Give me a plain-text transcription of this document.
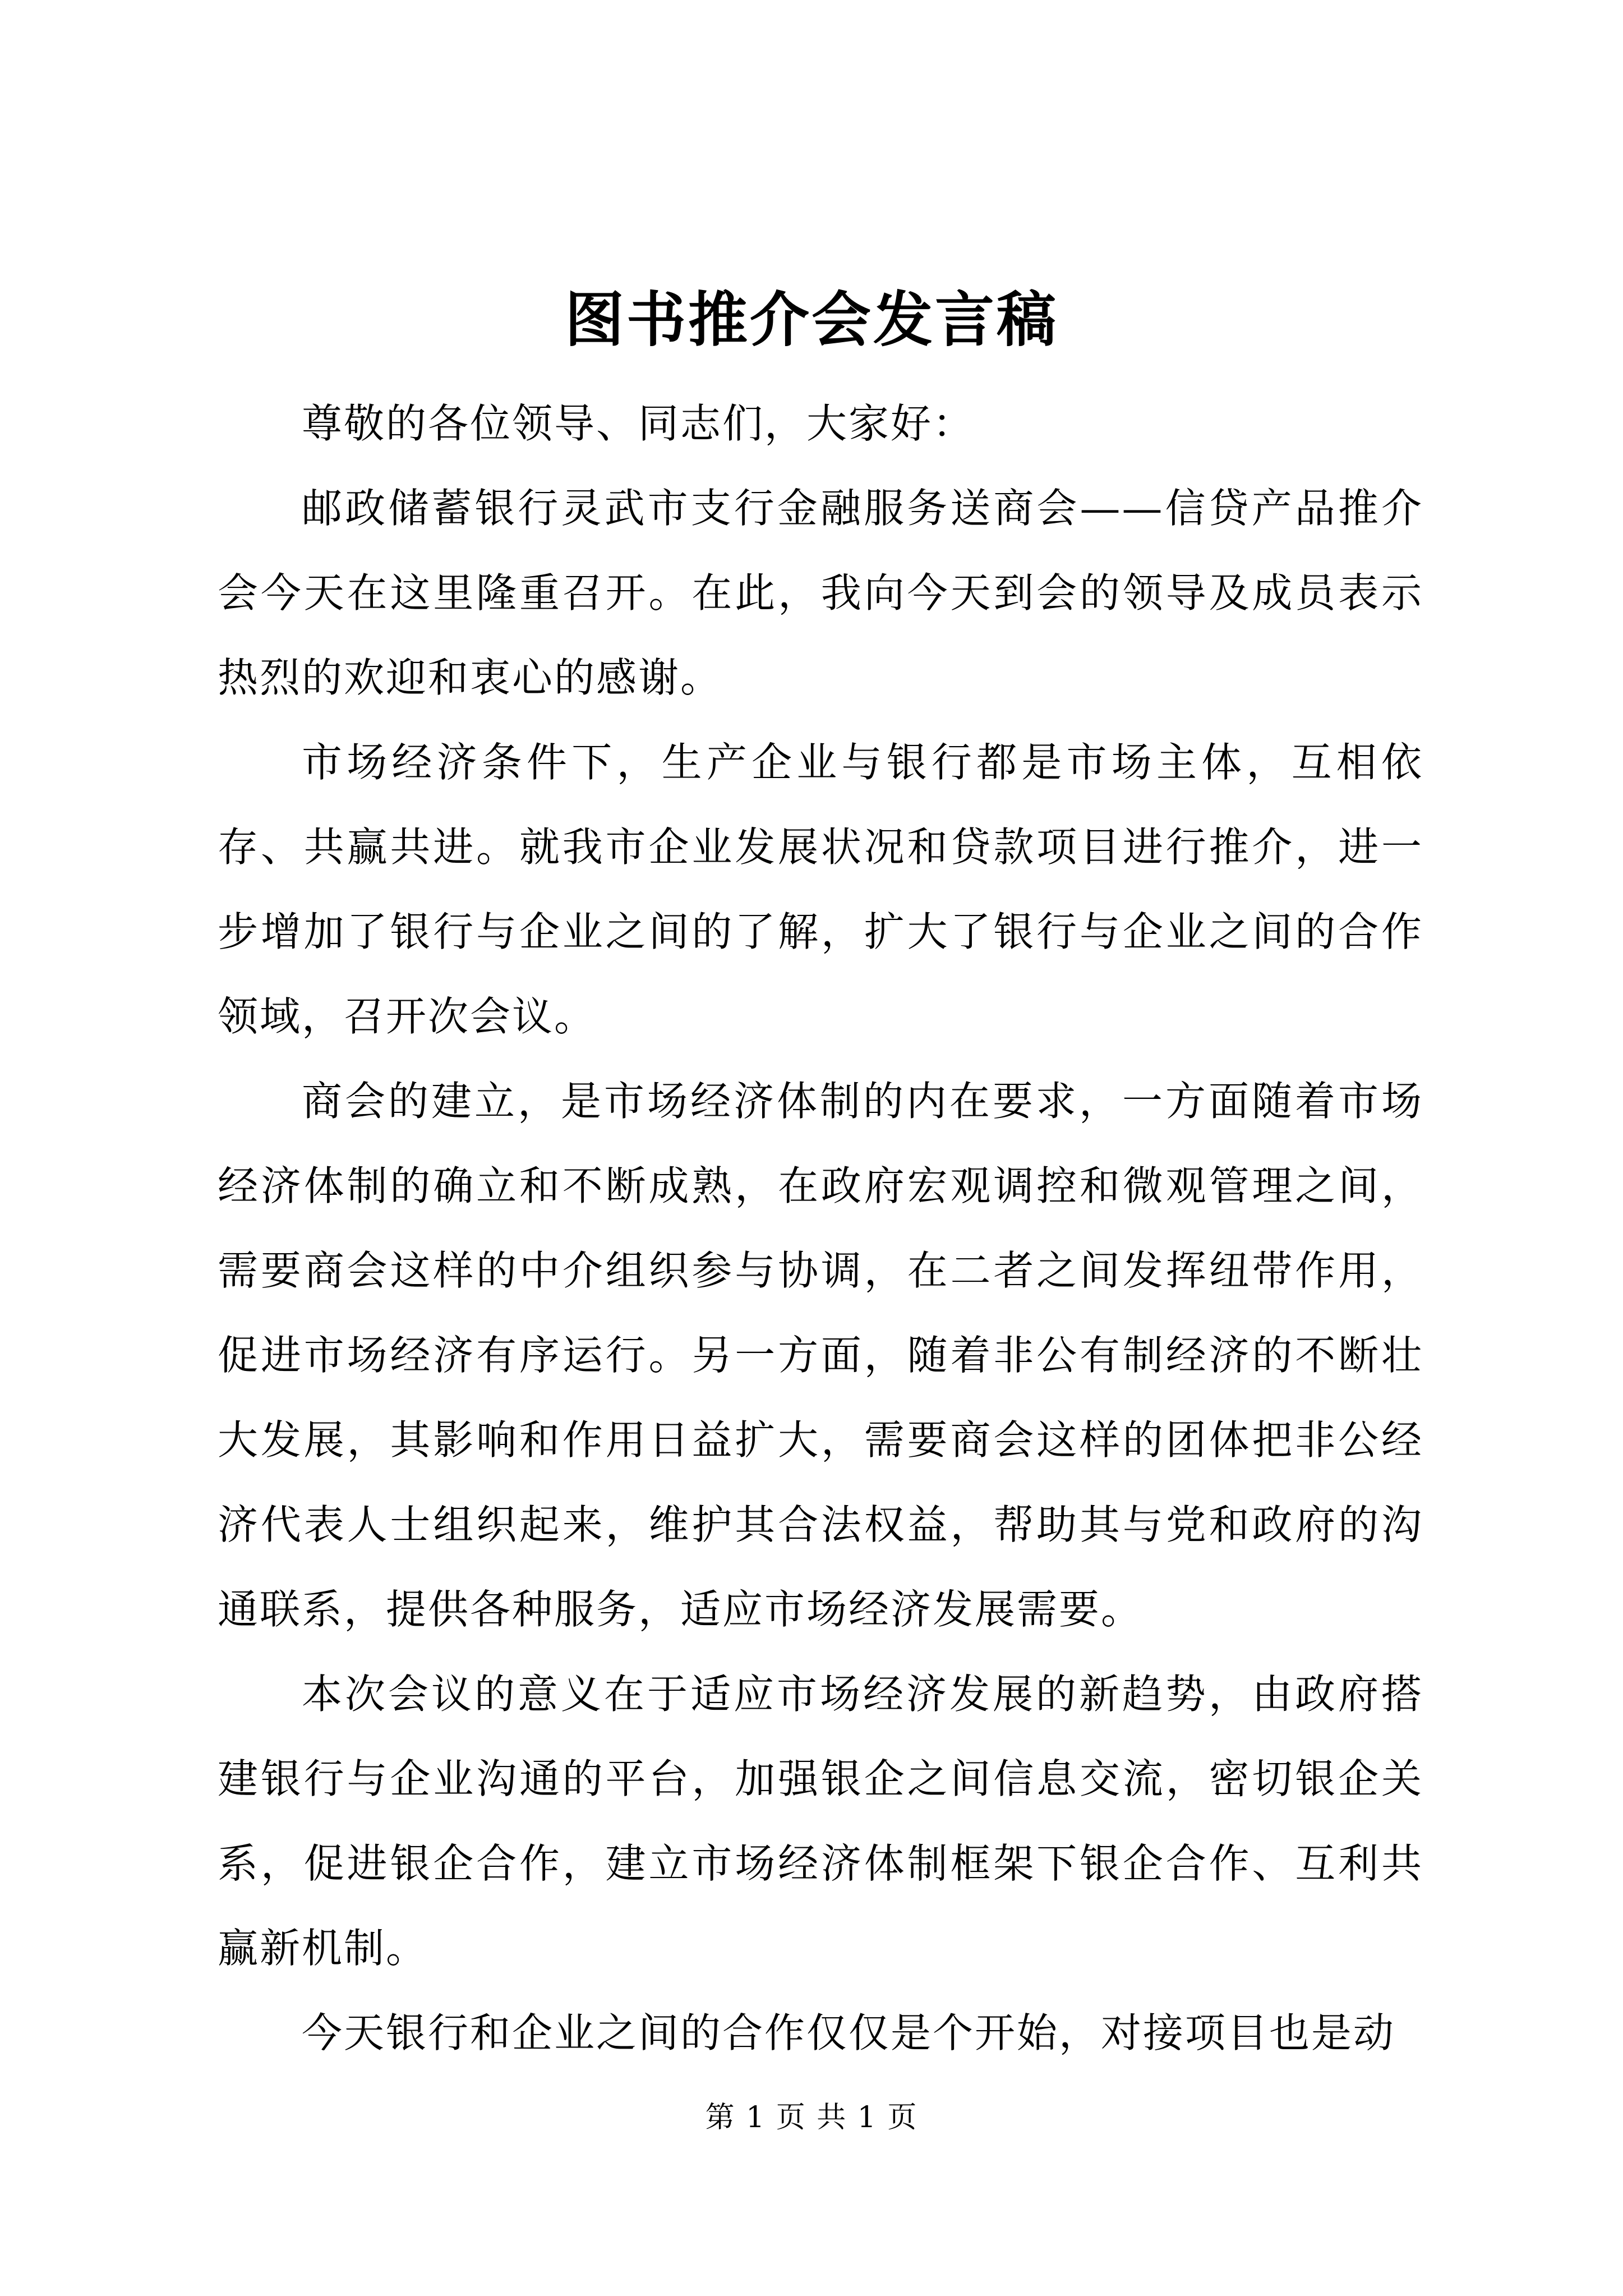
图书推介会发言稿

尊敬的各位领导、同志们，大家好：

邮政储蓄银行灵武市支行金融服务送商会——信贷产品推介会今天在这里隆重召开。在此，我向今天到会的领导及成员表示热烈的欢迎和衷心的感谢。

市场经济条件下，生产企业与银行都是市场主体，互相依存、共赢共进。就我市企业发展状况和贷款项目进行推介，进一步增加了银行与企业之间的了解，扩大了银行与企业之间的合作领域，召开次会议。

商会的建立，是市场经济体制的内在要求，一方面随着市场经济体制的确立和不断成熟，在政府宏观调控和微观管理之间，需要商会这样的中介组织参与协调，在二者之间发挥纽带作用，促进市场经济有序运行。另一方面，随着非公有制经济的不断壮大发展，其影响和作用日益扩大，需要商会这样的团体把非公经济代表人士组织起来，维护其合法权益，帮助其与党和政府的沟通联系，提供各种服务，适应市场经济发展需要。

本次会议的意义在于适应市场经济发展的新趋势，由政府搭建银行与企业沟通的平台，加强银企之间信息交流，密切银企关系，促进银企合作，建立市场经济体制框架下银企合作、互利共赢新机制。

今天银行和企业之间的合作仅仅是个开始，对接项目也是动

第 1 页 共 1 页
